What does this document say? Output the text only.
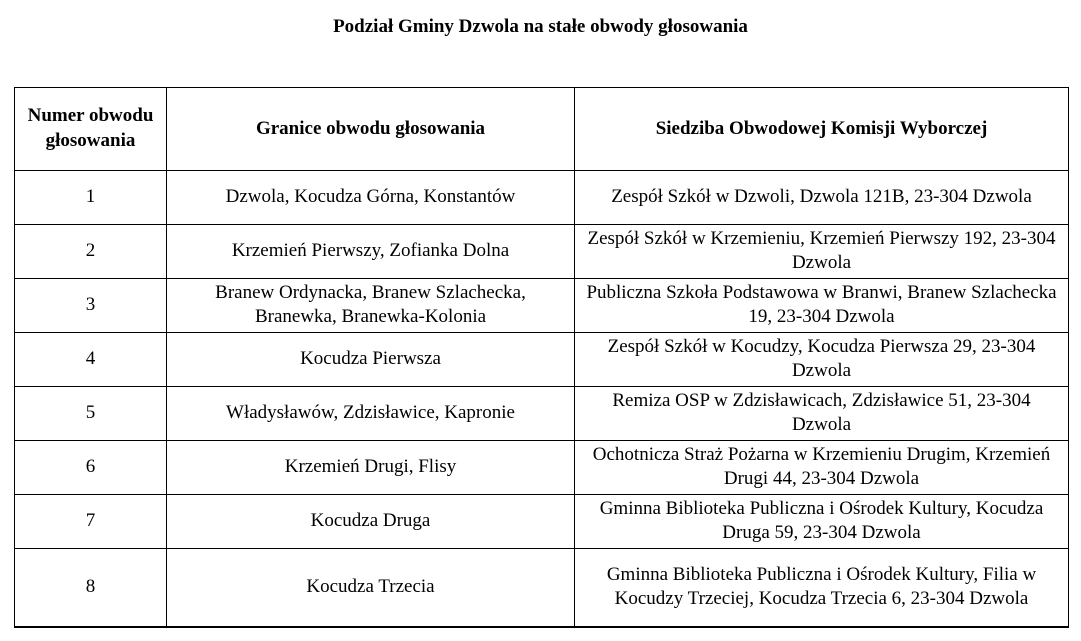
Podział Gminy Dzwola na stałe obwody głosowania
Numer obwodu głosowania	Granice obwodu głosowania	Siedziba Obwodowej Komisji Wyborczej
1	Dzwola, Kocudza Górna, Konstantów	Zespół Szkół w Dzwoli, Dzwola 121B, 23-304 Dzwola
2	Krzemień Pierwszy, Zofianka Dolna	Zespół Szkół w Krzemieniu, Krzemień Pierwszy 192, 23-304 Dzwola
3	Branew Ordynacka, Branew Szlachecka, Branewka, Branewka-Kolonia	Publiczna Szkoła Podstawowa w Branwi, Branew Szlachecka 19, 23-304 Dzwola
4	Kocudza Pierwsza	Zespół Szkół w Kocudzy, Kocudza Pierwsza 29, 23-304 Dzwola
5	Władysławów, Zdzisławice, Kapronie	Remiza OSP w Zdzisławicach, Zdzisławice 51, 23-304 Dzwola
6	Krzemień Drugi, Flisy	Ochotnicza Straż Pożarna w Krzemieniu Drugim, Krzemień Drugi 44, 23-304 Dzwola
7	Kocudza Druga	Gminna Biblioteka Publiczna i Ośrodek Kultury, Kocudza Druga 59, 23-304 Dzwola
8	Kocudza Trzecia	Gminna Biblioteka Publiczna i Ośrodek Kultury, Filia w Kocudzy Trzeciej, Kocudza Trzecia 6, 23-304 Dzwola
